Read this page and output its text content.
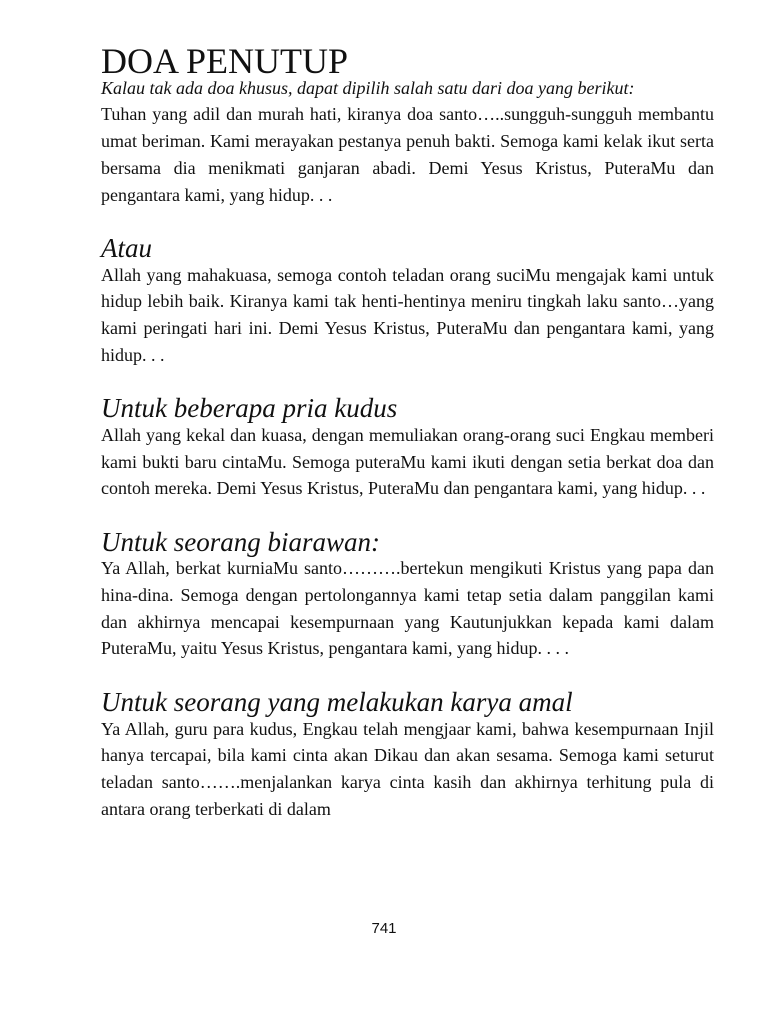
DOA PENUTUP

Kalau tak ada doa khusus, dapat dipilih salah satu dari doa yang berikut:

Tuhan yang adil dan murah hati, kiranya doa santo…..sungguh-sungguh membantu umat beriman. Kami merayakan pestanya penuh bakti. Semoga kami kelak ikut serta bersama dia menikmati ganjaran abadi. Demi Yesus Kristus, PuteraMu dan pengantara kami, yang hidup. . .

Atau

Allah yang mahakuasa, semoga contoh teladan orang suciMu mengajak kami untuk hidup lebih baik. Kiranya kami tak henti-hentinya meniru tingkah laku santo…yang kami peringati hari ini. Demi Yesus Kristus, PuteraMu dan pengantara kami, yang hidup. . .

Untuk beberapa pria kudus

Allah yang kekal dan kuasa, dengan memuliakan orang-orang suci Engkau memberi kami bukti baru cintaMu. Semoga puteraMu kami ikuti dengan setia berkat doa dan contoh mereka. Demi Yesus Kristus, PuteraMu dan pengantara kami, yang hidup. . .

Untuk seorang biarawan:

Ya Allah, berkat kurniaMu santo……….bertekun mengikuti Kristus yang papa dan hina-dina. Semoga dengan pertolongannya kami tetap setia dalam panggilan kami dan akhirnya mencapai kesempurnaan yang Kautunjukkan kepada kami dalam PuteraMu, yaitu Yesus Kristus, pengantara kami, yang hidup. . . .

Untuk seorang yang melakukan karya amal

Ya Allah, guru para kudus, Engkau telah mengjaar kami, bahwa kesempurnaan Injil hanya tercapai, bila kami cinta akan Dikau dan akan sesama. Semoga kami seturut teladan santo…….menjalankan karya cinta kasih dan akhirnya terhitung pula di antara orang terberkati di dalam

741
